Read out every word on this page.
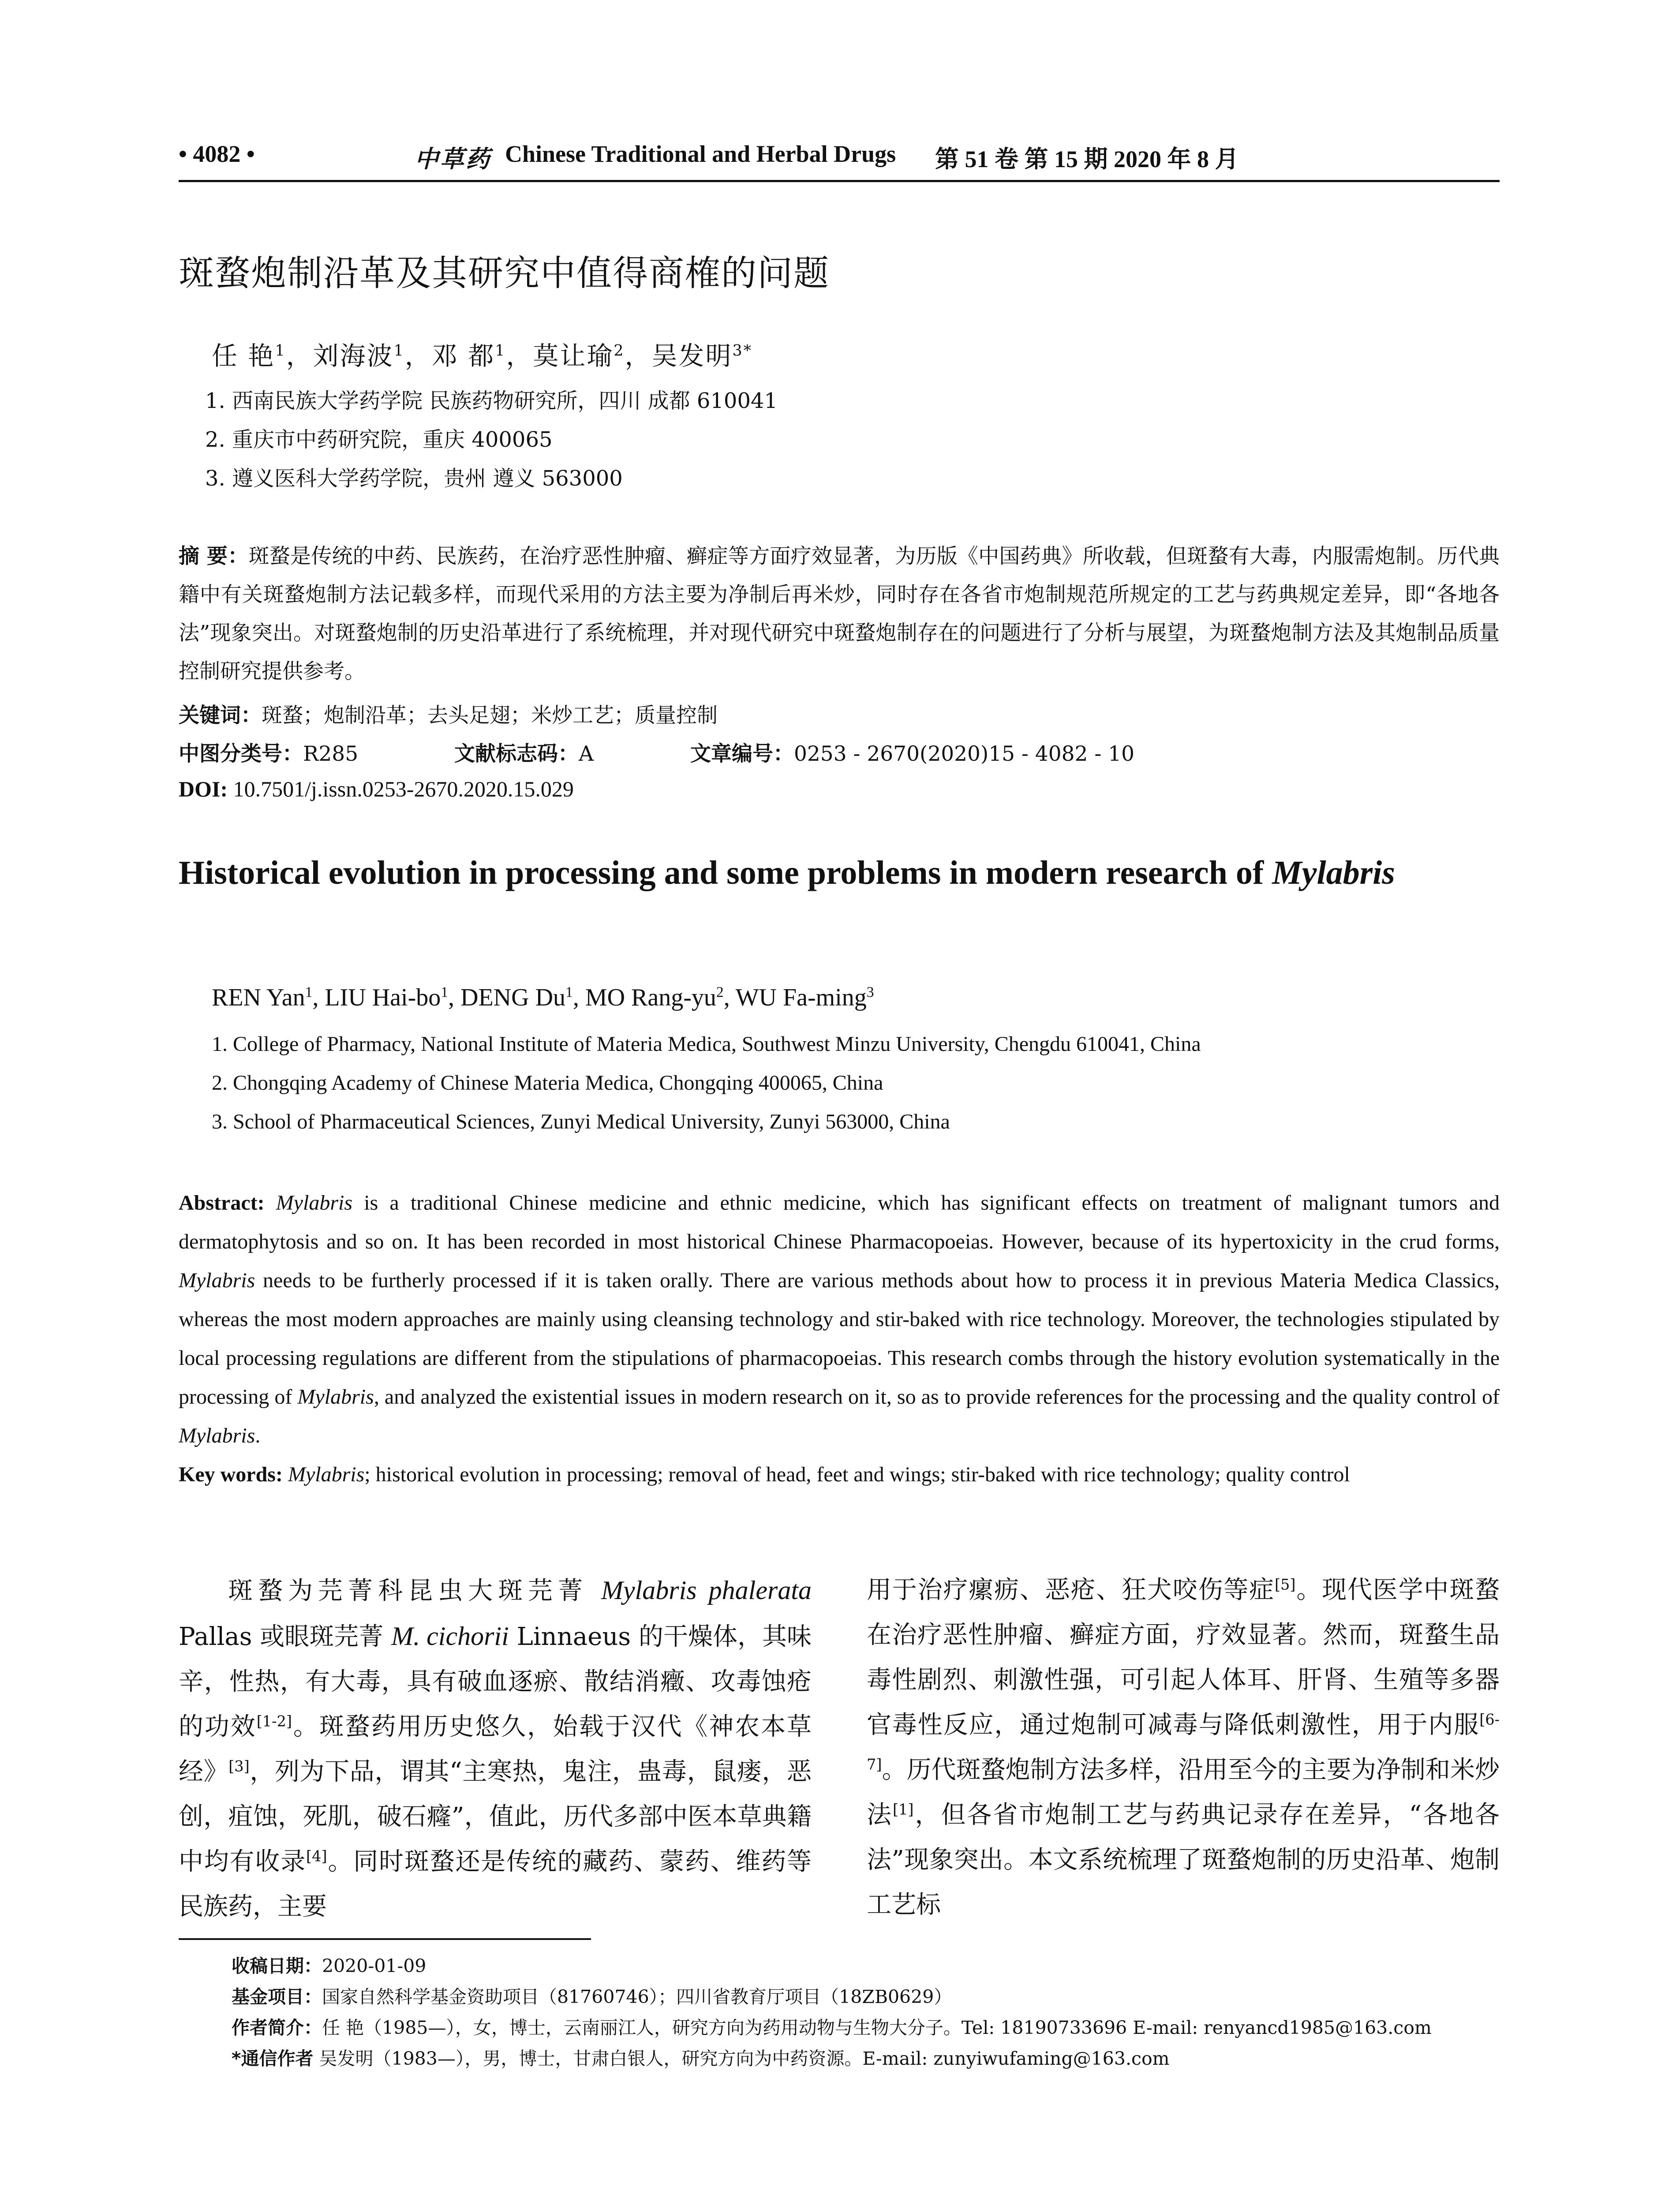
• 4082 •	中草药 Chinese Traditional and Herbal Drugs 第 51 卷 第 15 期 2020 年 8 月
斑蝥炮制沿革及其研究中值得商榷的问题
任 艳$^1$，刘海波$^1$，邓 都$^1$，莫让瑜$^2$，吴发明$^{3*}$
1. 西南民族大学药学院 民族药物研究所，四川 成都 610041
2. 重庆市中药研究院，重庆 400065
3. 遵义医科大学药学院，贵州 遵义 563000
摘 要：斑蝥是传统的中药、民族药，在治疗恶性肿瘤、癣症等方面疗效显著，为历版《中国药典》所收载，但斑蝥有大毒，内服需炮制。历代典籍中有关斑蝥炮制方法记载多样，而现代采用的方法主要为净制后再米炒，同时存在各省市炮制规范所规定的工艺与药典规定差异，即“各地各法”现象突出。对斑蝥炮制的历史沿革进行了系统梳理，并对现代研究中斑蝥炮制存在的问题进行了分析与展望，为斑蝥炮制方法及其炮制品质量控制研究提供参考。
关键词：斑蝥；炮制沿革；去头足翅；米炒工艺；质量控制
中图分类号：R285	文献标志码：A	文章编号：0253 - 2670(2020)15 - 4082 - 10
DOI: 10.7501/j.issn.0253-2670.2020.15.029
Historical evolution in processing and some problems in modern research of Mylabris
REN Yan$^1$, LIU Hai-$bo^1$, DENG Du$^1$, MO Rang-$yu^2$, WU Fa-ming$^3$
1. College of Pharmacy, National Institute of Materia Medica, Southwest Minzu University, Chengdu 610041, China
2. Chongqing Academy of Chinese Materia Medica, Chongqing 400065, China
3. School of Pharmaceutical Sciences, Zunyi Medical University, Zunyi 563000, China
Abstract: Mylabris is a traditional Chinese medicine and ethnic medicine, which has significant effects on treatment of malignant tumors and dermatophytosis and so on. It has been recorded in most historical Chinese Pharmacopoeias. However, because of its hypertoxicity in the crud forms, Mylabris needs to be furtherly processed if it is taken orally. There are various methods about how to process it in previous Materia Medica Classics, whereas the most modern approaches are mainly using cleansing technology and stir-baked with rice technology. Moreover, the technologies stipulated by local processing regulations are different from the stipulations of pharmacopoeias. This research combs through the history evolution systematically in the processing of Mylabris, and analyzed the existential issues in modern research on it, so as to provide references for the processing and the quality control of Mylabris.
Key words: Mylabris; historical evolution in processing; removal of head, feet and wings; stir-baked with rice technology; quality control
斑蝥为芫菁科昆虫大斑芫菁 Mylabris phalerata Pallas 或眼斑芫菁 M. cichorii Linnaeus 的干燥体，其味辛，性热，有大毒，具有破血逐瘀、散结消癥、攻毒蚀疮的功效[1-2]。斑蝥药用历史悠久，始载于汉代《神农本草经》[3]，列为下品，谓其“主寒热，鬼注，蛊毒，鼠瘘，恶创，疽蚀，死肌，破石癃”，值此，历代多部中医本草典籍中均有收录[4]。同时斑蝥还是传统的藏药、蒙药、维药等民族药，主要
用于治疗瘰疬、恶疮、狂犬咬伤等症[5]。现代医学中斑蝥在治疗恶性肿瘤、癣症方面，疗效显著。然而，斑蝥生品毒性剧烈、刺激性强，可引起人体耳、肝肾、生殖等多器官毒性反应，通过炮制可减毒与降低刺激性，用于内服[6-7]。历代斑蝥炮制方法多样，沿用至今的主要为净制和米炒法[1]，但各省市炮制工艺与药典记录存在差异，“各地各法”现象突出。本文系统梳理了斑蝥炮制的历史沿革、炮制工艺标
收稿日期：2020-01-09
基金项目：国家自然科学基金资助项目（81760746）；四川省教育厅项目（18ZB0629）
作者简介：任 艳（1985—），女，博士，云南丽江人，研究方向为药用动物与生物大分子。Tel: 18190733696 E-mail: renyancd1985@163.com
*通信作者 吴发明（1983—），男，博士，甘肃白银人，研究方向为中药资源。E-mail: zunyiwufaming@163.com
